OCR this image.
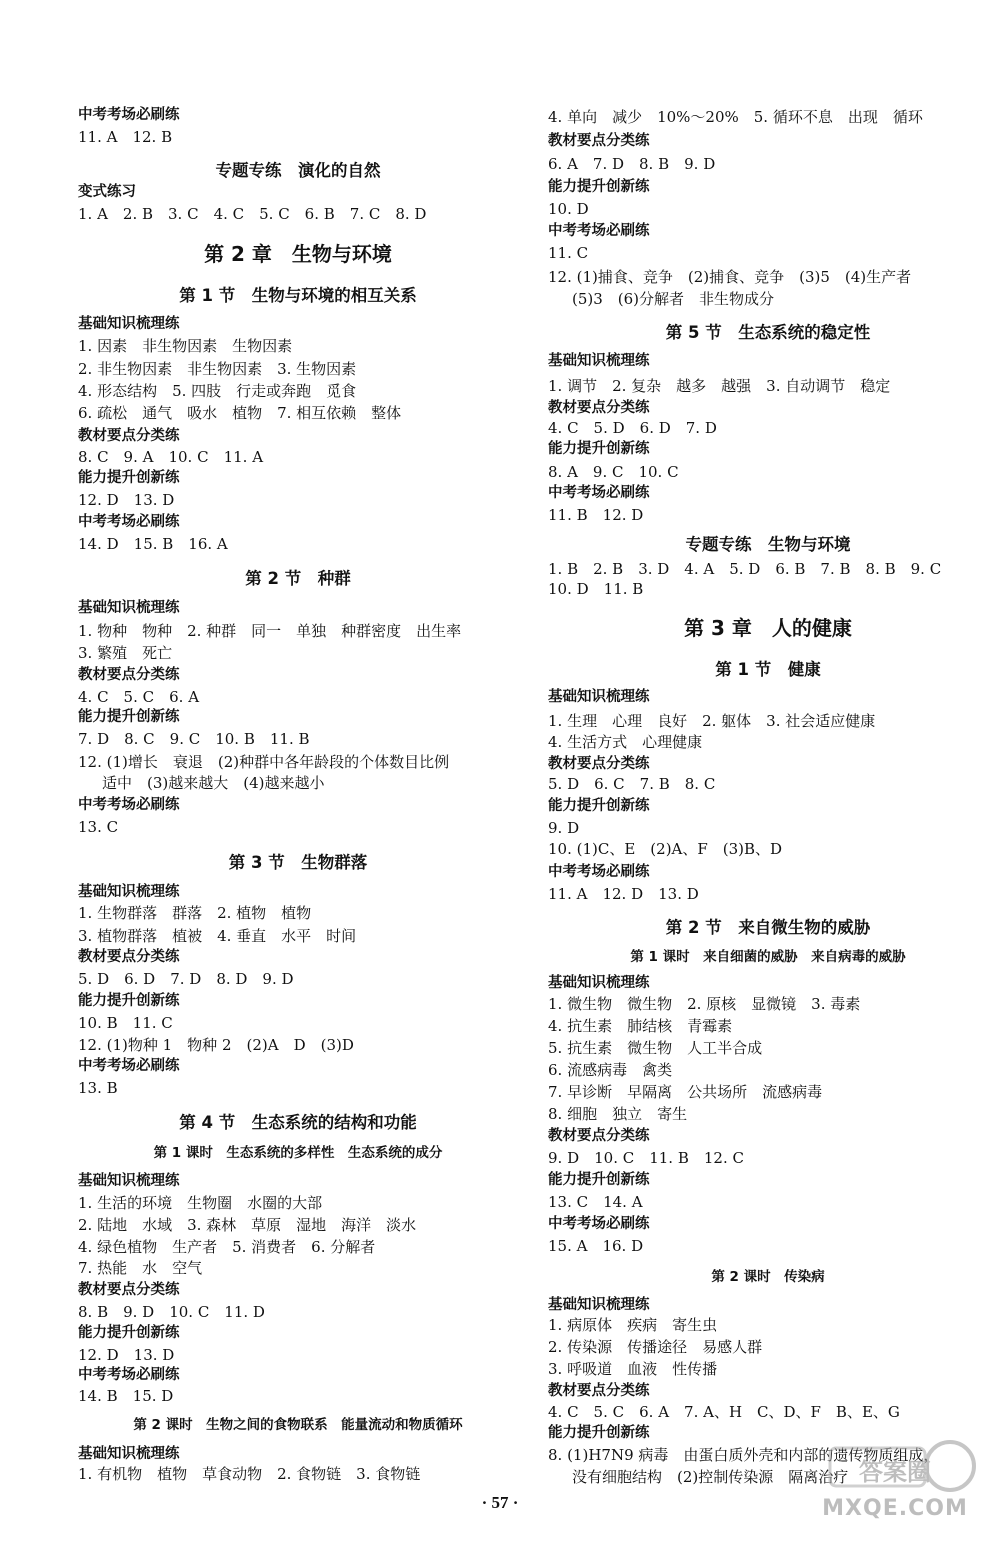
中考考场必刷练
11. A　12. B
专题专练　演化的自然
变式练习
1. A　2. B　3. C　4. C　5. C　6. B　7. C　8. D
第 2 章　生物与环境
第 1 节　生物与环境的相互关系
基础知识梳理练
1. 因素　非生物因素　生物因素
2. 非生物因素　非生物因素　3. 生物因素
4. 形态结构　5. 四肢　行走或奔跑　觅食
6. 疏松　通气　吸水　植物　7. 相互依赖　整体
教材要点分类练
8. C　9. A　10. C　11. A
能力提升创新练
12. D　13. D
中考考场必刷练
14. D　15. B　16. A
第 2 节　种群
基础知识梳理练
1. 物种　物种　2. 种群　同一　单独　种群密度　出生率
3. 繁殖　死亡
教材要点分类练
4. C　5. C　6. A
能力提升创新练
7. D　8. C　9. C　10. B　11. B
12. (1)增长　衰退　(2)种群中各年龄段的个体数目比例
适中　(3)越来越大　(4)越来越小
中考考场必刷练
13. C
第 3 节　生物群落
基础知识梳理练
1. 生物群落　群落　2. 植物　植物
3. 植物群落　植被　4. 垂直　水平　时间
教材要点分类练
5. D　6. D　7. D　8. D　9. D
能力提升创新练
10. B　11. C
12. (1)物种 1　物种 2　(2)A　D　(3)D
中考考场必刷练
13. B
第 4 节　生态系统的结构和功能
第 1 课时　生态系统的多样性　生态系统的成分
基础知识梳理练
1. 生活的环境　生物圈　水圈的大部
2. 陆地　水域　3. 森林　草原　湿地　海洋　淡水
4. 绿色植物　生产者　5. 消费者　6. 分解者
7. 热能　水　空气
教材要点分类练
8. B　9. D　10. C　11. D
能力提升创新练
12. D　13. D
中考考场必刷练
14. B　15. D
第 2 课时　生物之间的食物联系　能量流动和物质循环
基础知识梳理练
1. 有机物　植物　草食动物　2. 食物链　3. 食物链
4. 单向　减少　10%～20%　5. 循环不息　出现　循环
教材要点分类练
6. A　7. D　8. B　9. D
能力提升创新练
10. D
中考考场必刷练
11. C
12. (1)捕食、竞争　(2)捕食、竞争　(3)5　(4)生产者
(5)3　(6)分解者　非生物成分
第 5 节　生态系统的稳定性
基础知识梳理练
1. 调节　2. 复杂　越多　越强　3. 自动调节　稳定
教材要点分类练
4. C　5. D　6. D　7. D
能力提升创新练
8. A　9. C　10. C
中考考场必刷练
11. B　12. D
专题专练　生物与环境
1. B　2. B　3. D　4. A　5. D　6. B　7. B　8. B　9. C
10. D　11. B
第 3 章　人的健康
第 1 节　健康
基础知识梳理练
1. 生理　心理　良好　2. 躯体　3. 社会适应健康
4. 生活方式　心理健康
教材要点分类练
5. D　6. C　7. B　8. C
能力提升创新练
9. D
10. (1)C、E　(2)A、F　(3)B、D
中考考场必刷练
11. A　12. D　13. D
第 2 节　来自微生物的威胁
第 1 课时　来自细菌的威胁　来自病毒的威胁
基础知识梳理练
1. 微生物　微生物　2. 原核　显微镜　3. 毒素
4. 抗生素　肺结核　青霉素
5. 抗生素　微生物　人工半合成
6. 流感病毒　禽类
7. 早诊断　早隔离　公共场所　流感病毒
8. 细胞　独立　寄生
教材要点分类练
9. D　10. C　11. B　12. C
能力提升创新练
13. C　14. A
中考考场必刷练
15. A　16. D
第 2 课时　传染病
基础知识梳理练
1. 病原体　疾病　寄生虫
2. 传染源　传播途径　易感人群
3. 呼吸道　血液　性传播
教材要点分类练
4. C　5. C　6. A　7. A、H　C、D、F　B、E、G
能力提升创新练
8. (1)H7N9 病毒　由蛋白质外壳和内部的遗传物质组成，
没有细胞结构　(2)控制传染源　隔离治疗
· 57 ·
答案圈
MXQE.COM
